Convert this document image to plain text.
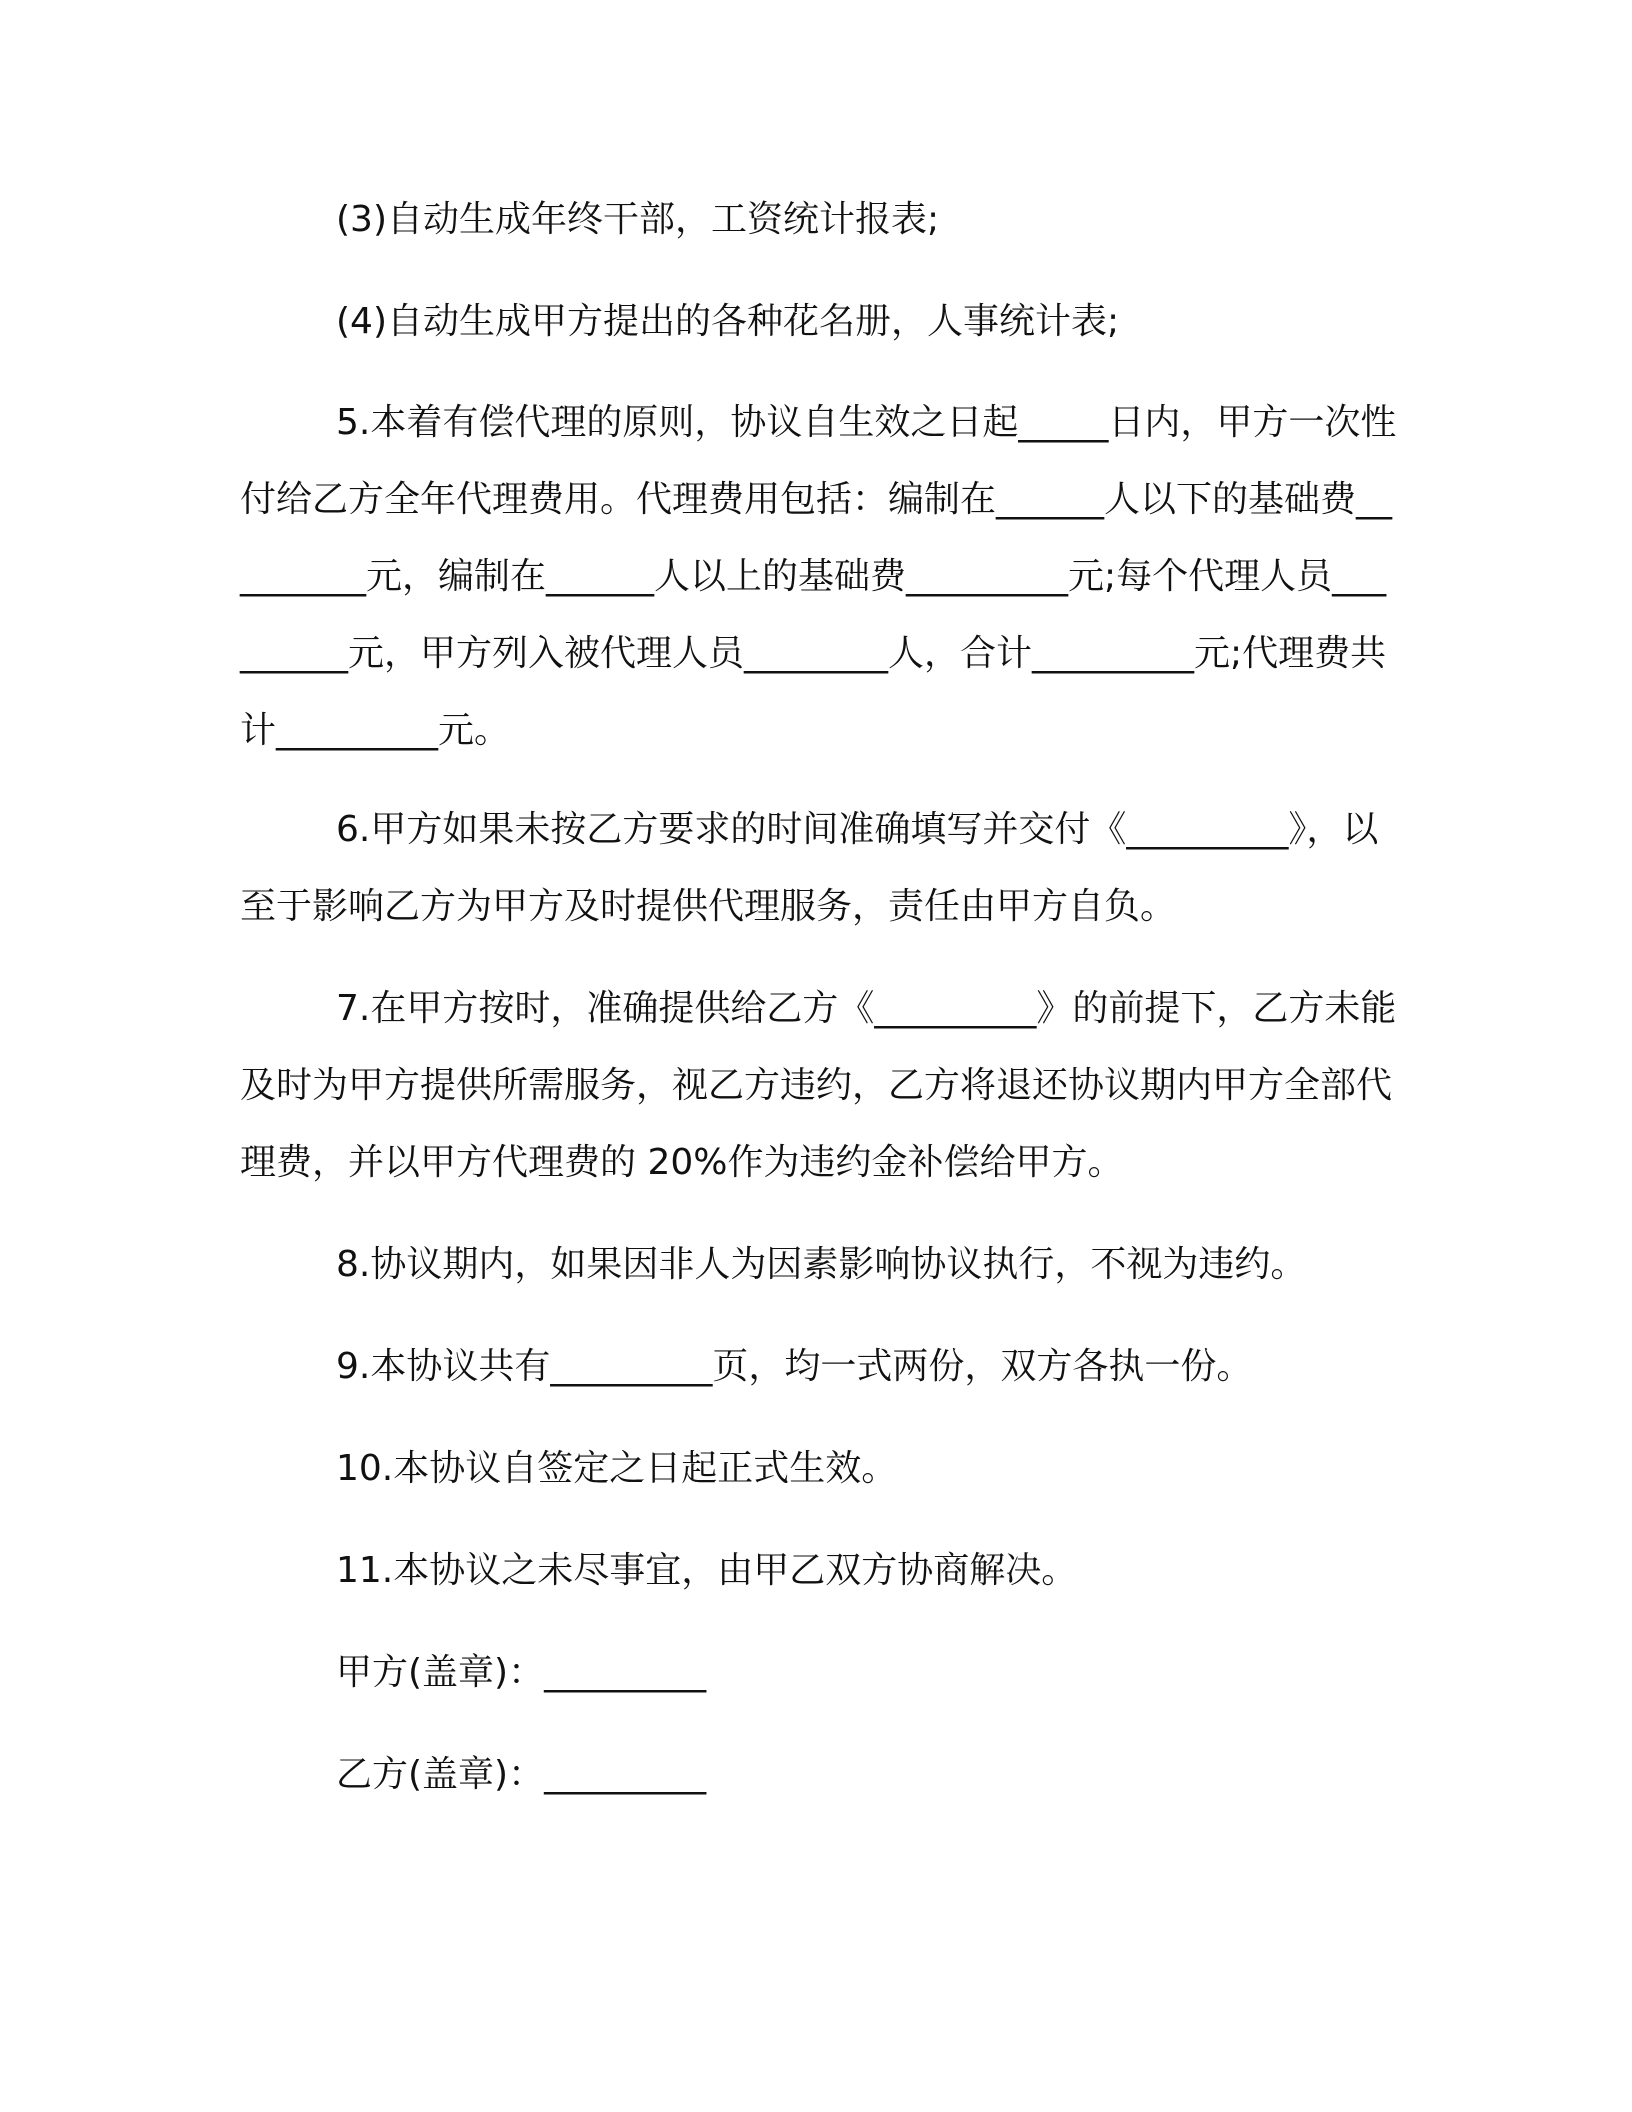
(3)自动生成年终干部，工资统计报表;
(4)自动生成甲方提出的各种花名册，人事统计表;
5.本着有偿代理的原则，协议自生效之日起_____日内，甲方一次性付给乙方全年代理费用。代理费用包括：编制在______人以下的基础费_________元，编制在______人以上的基础费_________元;每个代理人员_________元，甲方列入被代理人员________人，合计_________元;代理费共计_________元。
6.甲方如果未按乙方要求的时间准确填写并交付《_________》，以至于影响乙方为甲方及时提供代理服务，责任由甲方自负。
7.在甲方按时，准确提供给乙方《_________》的前提下，乙方未能及时为甲方提供所需服务，视乙方违约，乙方将退还协议期内甲方全部代理费，并以甲方代理费的 20%作为违约金补偿给甲方。
8.协议期内，如果因非人为因素影响协议执行，不视为违约。
9.本协议共有_________页，均一式两份，双方各执一份。
10.本协议自签定之日起正式生效。
11.本协议之未尽事宜，由甲乙双方协商解决。
甲方(盖章)：_________
乙方(盖章)：_________
